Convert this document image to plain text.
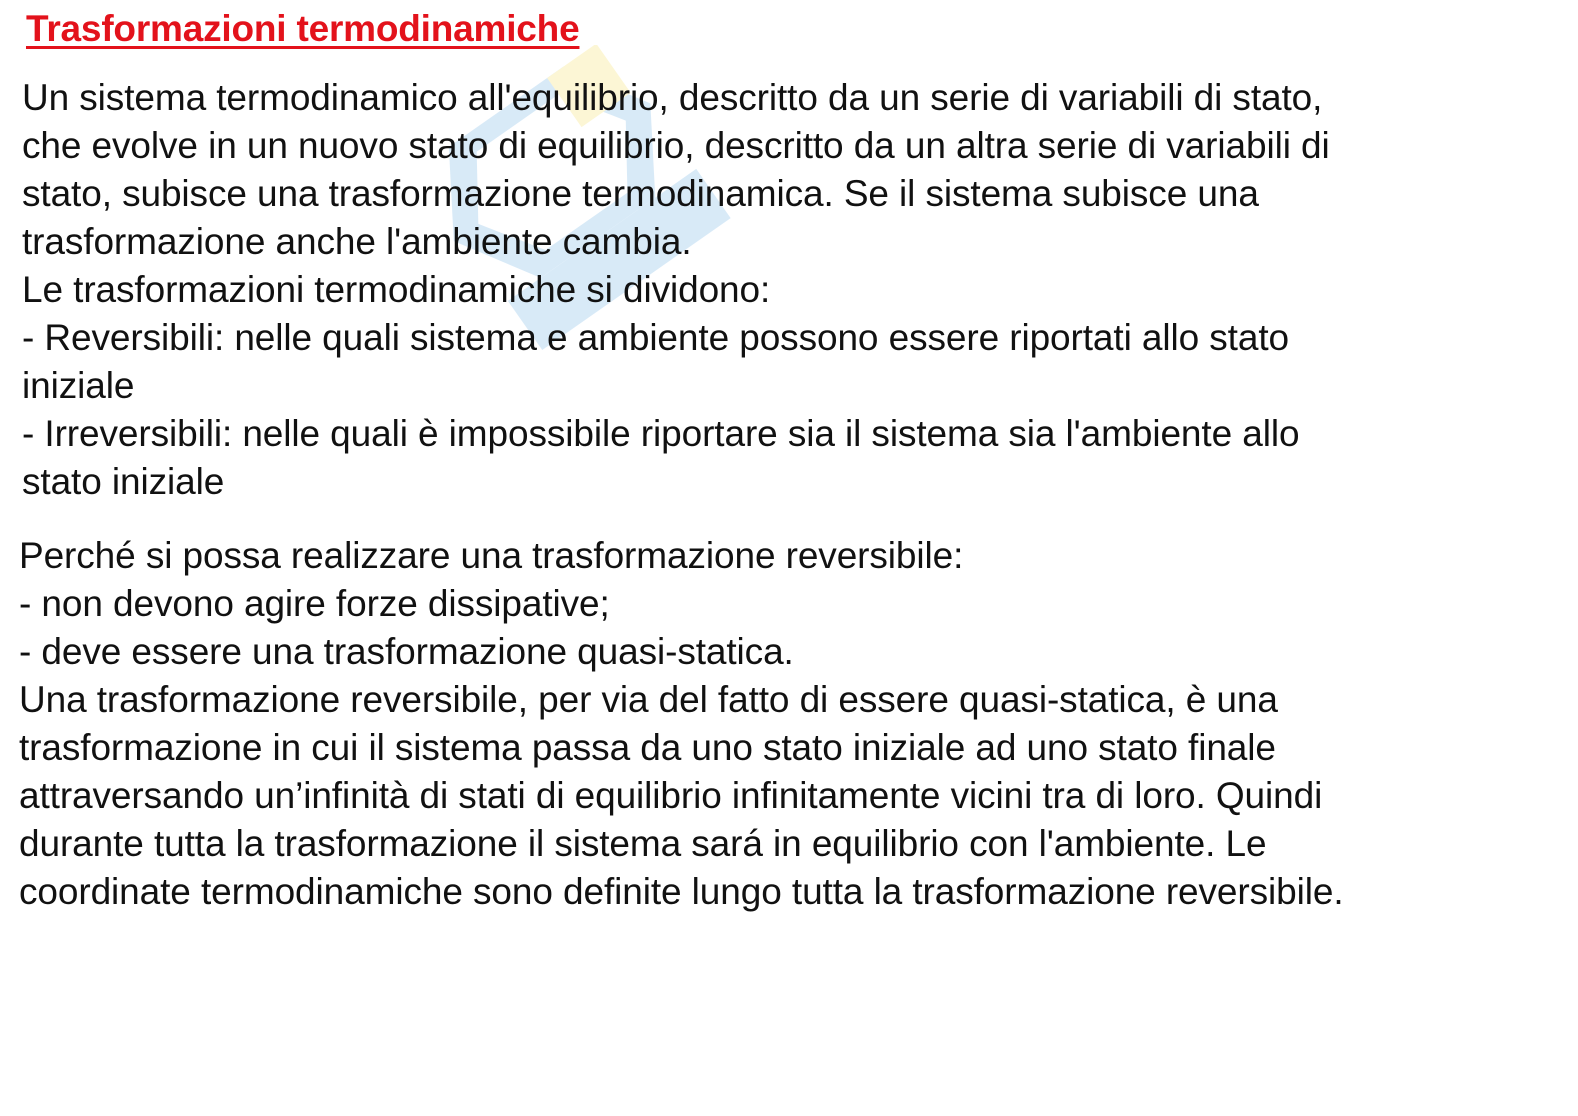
Trasformazioni termodinamiche
Un sistema termodinamico all'equilibrio, descritto da un serie di variabili di stato,
che evolve in un nuovo stato di equilibrio, descritto da un altra serie di variabili di
stato, subisce una trasformazione termodinamica. Se il sistema subisce una
trasformazione anche l'ambiente cambia.
Le trasformazioni termodinamiche si dividono:
- Reversibili: nelle quali sistema e ambiente possono essere riportati allo stato
iniziale
- Irreversibili: nelle quali è impossibile riportare sia il sistema sia l'ambiente allo
stato iniziale
Perché si possa realizzare una trasformazione reversibile:
- non devono agire forze dissipative;
- deve essere una trasformazione quasi-statica.
Una trasformazione reversibile, per via del fatto di essere quasi-statica, è una
trasformazione in cui il sistema passa da uno stato iniziale ad uno stato finale
attraversando un’infinità di stati di equilibrio infinitamente vicini tra di loro. Quindi
durante tutta la trasformazione il sistema sará in equilibrio con l'ambiente. Le
coordinate termodinamiche sono definite lungo tutta la trasformazione reversibile.
